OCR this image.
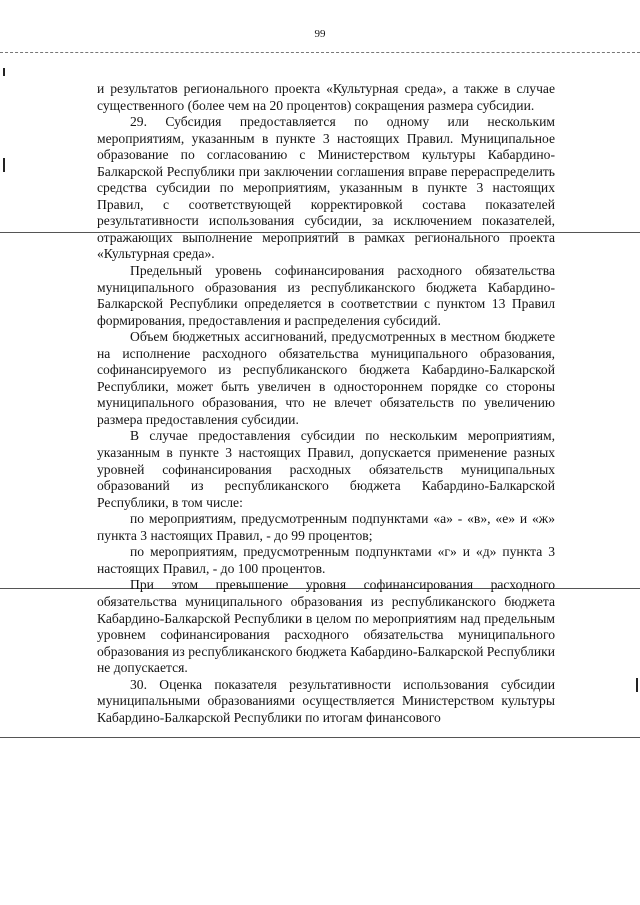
99

и результатов регионального проекта «Культурная среда», а также в случае существенного (более чем на 20 процентов) сокращения размера субсидии.

29. Субсидия предоставляется по одному или нескольким мероприятиям, указанным в пункте 3 настоящих Правил. Муниципальное образование по согласованию с Министерством культуры Кабардино-Балкарской Республики при заключении соглашения вправе перераспределить средства субсидии по мероприятиям, указанным в пункте 3 настоящих Правил, с соответствующей корректировкой состава показателей результативности использования субсидии, за исключением показателей, отражающих выполнение мероприятий в рамках регионального проекта «Культурная среда».

Предельный уровень софинансирования расходного обязательства муниципального образования из республиканского бюджета Кабардино-Балкарской Республики определяется в соответствии с пунктом 13 Правил формирования, предоставления и распределения субсидий.

Объем бюджетных ассигнований, предусмотренных в местном бюджете на исполнение расходного обязательства муниципального образования, софинансируемого из республиканского бюджета Кабардино-Балкарской Республики, может быть увеличен в одностороннем порядке со стороны муниципального образования, что не влечет обязательств по увеличению размера предоставления субсидии.

В случае предоставления субсидии по нескольким мероприятиям, указанным в пункте 3 настоящих Правил, допускается применение разных уровней софинансирования расходных обязательств муниципальных образований из республиканского бюджета Кабардино-Балкарской Республики, в том числе:

по мероприятиям, предусмотренным подпунктами «а» - «в», «е» и «ж» пункта 3 настоящих Правил, - до 99 процентов;

по мероприятиям, предусмотренным подпунктами «г» и «д» пункта 3 настоящих Правил, - до 100 процентов.

При этом превышение уровня софинансирования расходного обязательства муниципального образования из республиканского бюджета Кабардино-Балкарской Республики в целом по мероприятиям над предельным уровнем софинансирования расходного обязательства муниципального образования из республиканского бюджета Кабардино-Балкарской Республики не допускается.

30. Оценка показателя результативности использования субсидии муниципальными образованиями осуществляется Министерством культуры Кабардино-Балкарской Республики по итогам финансового
